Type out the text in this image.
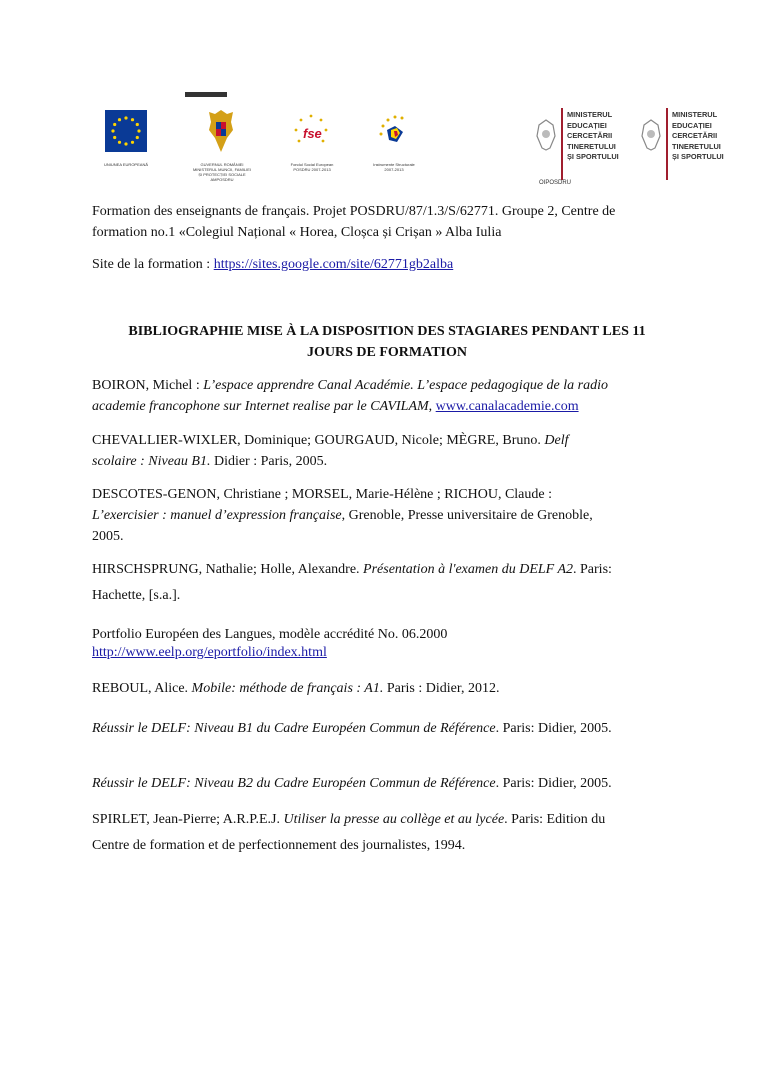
UNIUNEA EUROPEANĂ	GUVERNUL ROMÂNIEI
MINISTERUL MUNCII, FAMILIEI
ȘI PROTECȚIEI SOCIALE
AMPOSDRU
fse
Fondul Social European
POSDRU 2007-2013
Instrumente Structurale
2007-2013
MINISTERUL
EDUCAȚIEI
CERCETĂRII
TINERETULUI
ȘI SPORTULUI
OIPOSDRU
MINISTERUL
EDUCAȚIEI
CERCETĂRII
TINERETULUI
ȘI SPORTULUI

Formation des enseignants de français. Projet POSDRU/87/1.3/S/62771. Groupe 2, Centre de

formation no.1 «Colegiul Național « Horea, Cloșca și Crișan » Alba Iulia

Site de la formation : https://sites.google.com/site/62771gb2alba

BIBLIOGRAPHIE MISE À LA DISPOSITION DES STAGIARES PENDANT LES 11
JOURS DE FORMATION

BOIRON, Michel : L’espace apprendre Canal Académie. L’espace pedagogique de la radio

academie francophone sur Internet realise par le CAVILAM, www.canalacademie.com

CHEVALLIER-WIXLER, Dominique; GOURGAUD, Nicole; MÈGRE, Bruno. Delf

scolaire : Niveau B1. Didier : Paris, 2005.

DESCOTES-GENON, Christiane ; MORSEL, Marie-Hélène ; RICHOU, Claude :

L’exercisier : manuel d’expression française, Grenoble, Presse universitaire de Grenoble,

2005.

HIRSCHSPRUNG, Nathalie; Holle, Alexandre. Présentation à l'examen du DELF A2. Paris:

Hachette, [s.a.].

Portfolio Européen des Langues, modèle accrédité No. 06.2000

http://www.eelp.org/eportfolio/index.html

REBOUL, Alice. Mobile: méthode de français : A1. Paris : Didier, 2012.

Réussir le DELF: Niveau B1 du Cadre Européen Commun de Référence. Paris: Didier, 2005.

Réussir le DELF: Niveau B2 du Cadre Européen Commun de Référence. Paris: Didier, 2005.

SPIRLET, Jean-Pierre; A.R.P.E.J. Utiliser la presse au collège et au lycée. Paris: Edition du

Centre de formation et de perfectionnement des journalistes, 1994.
